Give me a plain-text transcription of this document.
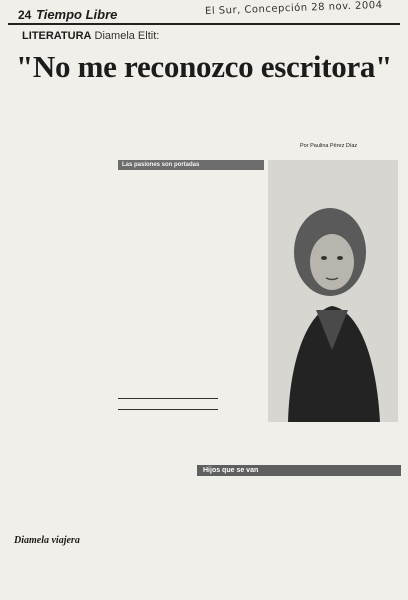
El Sur, Concepción 28 nov. 2004
24 Tiempo Libre
LITERATURA Diamela Eltit:
"No me reconozco escritora"
Por Paulina Pérez Díaz
Diamela viajera
Las pasiones son portadas
Hijos que se van
